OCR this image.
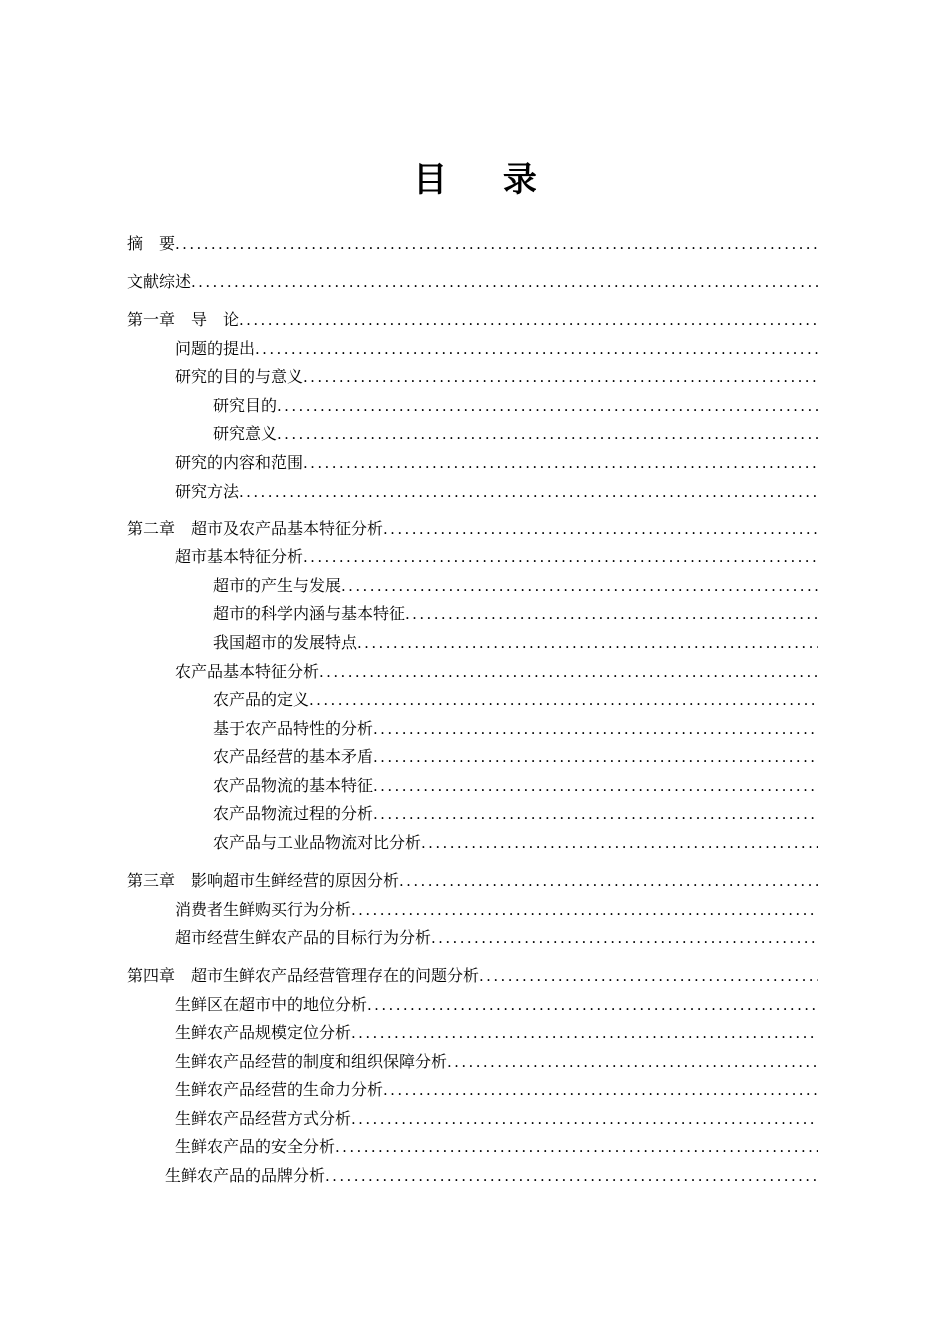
目 录
摘　要
.....
文献综述
.....
第一章　导　论
.....
问题的提出
.....
研究的目的与意义
.....
研究目的
.....
研究意义
.....
研究的内容和范围
.....
研究方法
.....
第二章　超市及农产品基本特征分析
.....
超市基本特征分析
.....
超市的产生与发展
.....
超市的科学内涵与基本特征
.....
我国超市的发展特点
.....
农产品基本特征分析
.....
农产品的定义
.....
基于农产品特性的分析
.....
农产品经营的基本矛盾
.....
农产品物流的基本特征
.....
农产品物流过程的分析
.....
农产品与工业品物流对比分析
.....
第三章　影响超市生鲜经营的原因分析
.....
消费者生鲜购买行为分析
.....
超市经营生鲜农产品的目标行为分析
.....
第四章　超市生鲜农产品经营管理存在的问题分析
.....
生鲜区在超市中的地位分析
.....
生鲜农产品规模定位分析
.....
生鲜农产品经营的制度和组织保障分析
.....
生鲜农产品经营的生命力分析
.....
生鲜农产品经营方式分析
.....
生鲜农产品的安全分析
.....
生鲜农产品的品牌分析
.....
